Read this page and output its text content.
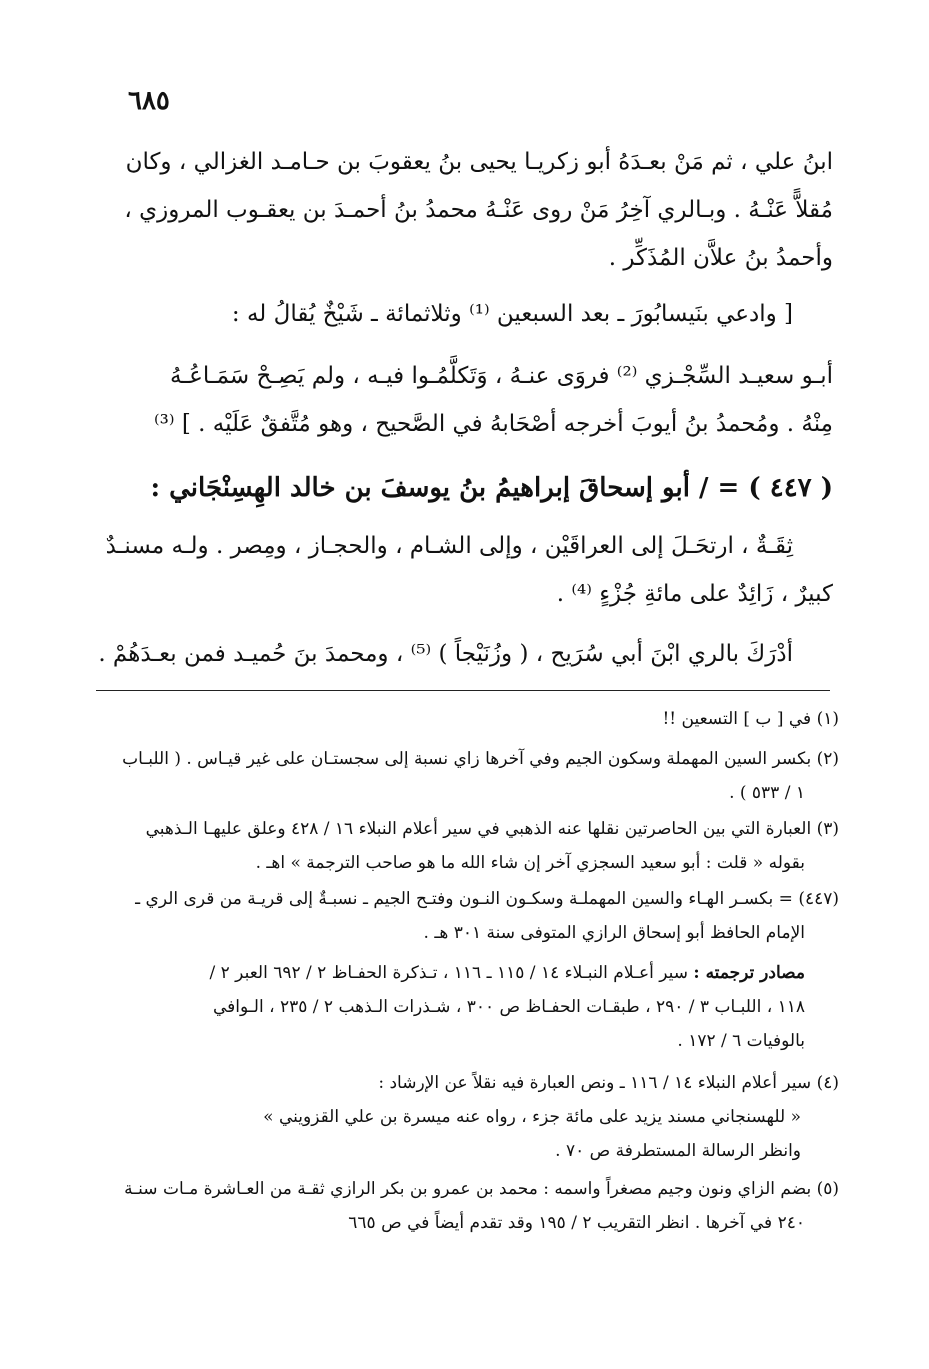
٦٨٥
ابنُ علي ، ثم مَنْ بعـدَهُ أبو زكريـا يحيى بنُ يعقوبَ بن حـامـد الغزالي ، وكان
مُقلاًّ عَنْـهُ . وبـالري آخِرُ مَنْ روى عَنْـهُ محمدُ بنُ أحمـدَ بن يعقـوب المروزي ،
وأحمدُ بنُ علاَّن المُذَكِّر .
[ وادعي بنَيسابُورَ ـ بعد السبعين ⁽¹⁾ وثلاثمائة ـ شَيْخٌ يُقالُ له :
أبـو سعيـد السِّجْـزي ⁽²⁾ فروَى عنـهُ ، وَتَكلَّمُـوا فيـه ، ولم يَصِـحْ سَمَـاعُـهُ
مِنْهُ . ومُحمدُ بنُ أيوبَ أخرجه أصْحَابهُ في الصَّحيح ، وهو مُتَّفقٌ عَلَيْه . ] ⁽³⁾
( ٤٤٧ ) = / أبو إسحاقَ إبراهيمُ بنُ يوسفَ بن خالد الهِسِنْجَاني :
ثِقَـةٌ ، ارتحَـلَ إلى العراقَيْن ، وإلى الشـام ، والحجـاز ، ومِصر . ولـه مسنـدٌ
كبيرٌ ، زَائِدٌ على مائةِ جُزْءٍ ⁽⁴⁾ .
أدْرَكَ بالري ابْنَ أبي سُرَيح ، ( وزُنَيْجاً ) ⁽⁵⁾ ، ومحمدَ بنَ حُميـد فمن بعـدَهُمْ .
(١) في [ ب ] التسعين !!
(٢) بكسر السين المهملة وسكون الجيم وفي آخرها زاي نسبة إلى سجستـان على غير قيـاس . ( اللبـاب
١ / ٥٣٣ ) .
(٣) العبارة التي بين الحاصرتين نقلها عنه الذهبي في سير أعلام النبلاء ١٦ / ٤٢٨ وعلق عليهـا الـذهبي
بقوله « قلت : أبو سعيد السجزي آخر إن شاء الله ما هو صاحب الترجمة » اهـ .
(٤٤٧) = بكسـر الهـاء والسين المهملـة وسكـون النـون وفتـح الجيم ـ نسبـةٌ إلى قريـة من قرى الري ـ
الإمام الحافظ أبو إسحاق الرازي المتوفى سنة ٣٠١ هـ .
مصادر ترجمته : سير أعـلام النبـلاء ١٤ / ١١٥ ـ ١١٦ ، تـذكرة الحفـاظ ٢ / ٦٩٢ العبر ٢ /
١١٨ ، اللبـاب ٣ / ٢٩٠ ، طبقـات الحفـاظ ص ٣٠٠ ، شـذرات الـذهب ٢ / ٢٣٥ ، الـوافي
بالوفيات ٦ / ١٧٢ .
(٤) سير أعلام النبلاء ١٤ / ١١٦ ـ ونص العبارة فيه نقلاً عن الإرشاد :
« للهسنجاني مسند يزيد على مائة جزء ، رواه عنه ميسرة بن علي القزويني »
وانظر الرسالة المستطرفة ص ٧٠ .
(٥) بضم الزاي ونون وجيم مصغراً واسمه : محمد بن عمرو بن بكر الرازي ثقـة من العـاشرة مـات سنـة
٢٤٠ في آخرها . انظر التقريب ٢ / ١٩٥ وقد تقدم أيضاً في ص ٦٦٥
